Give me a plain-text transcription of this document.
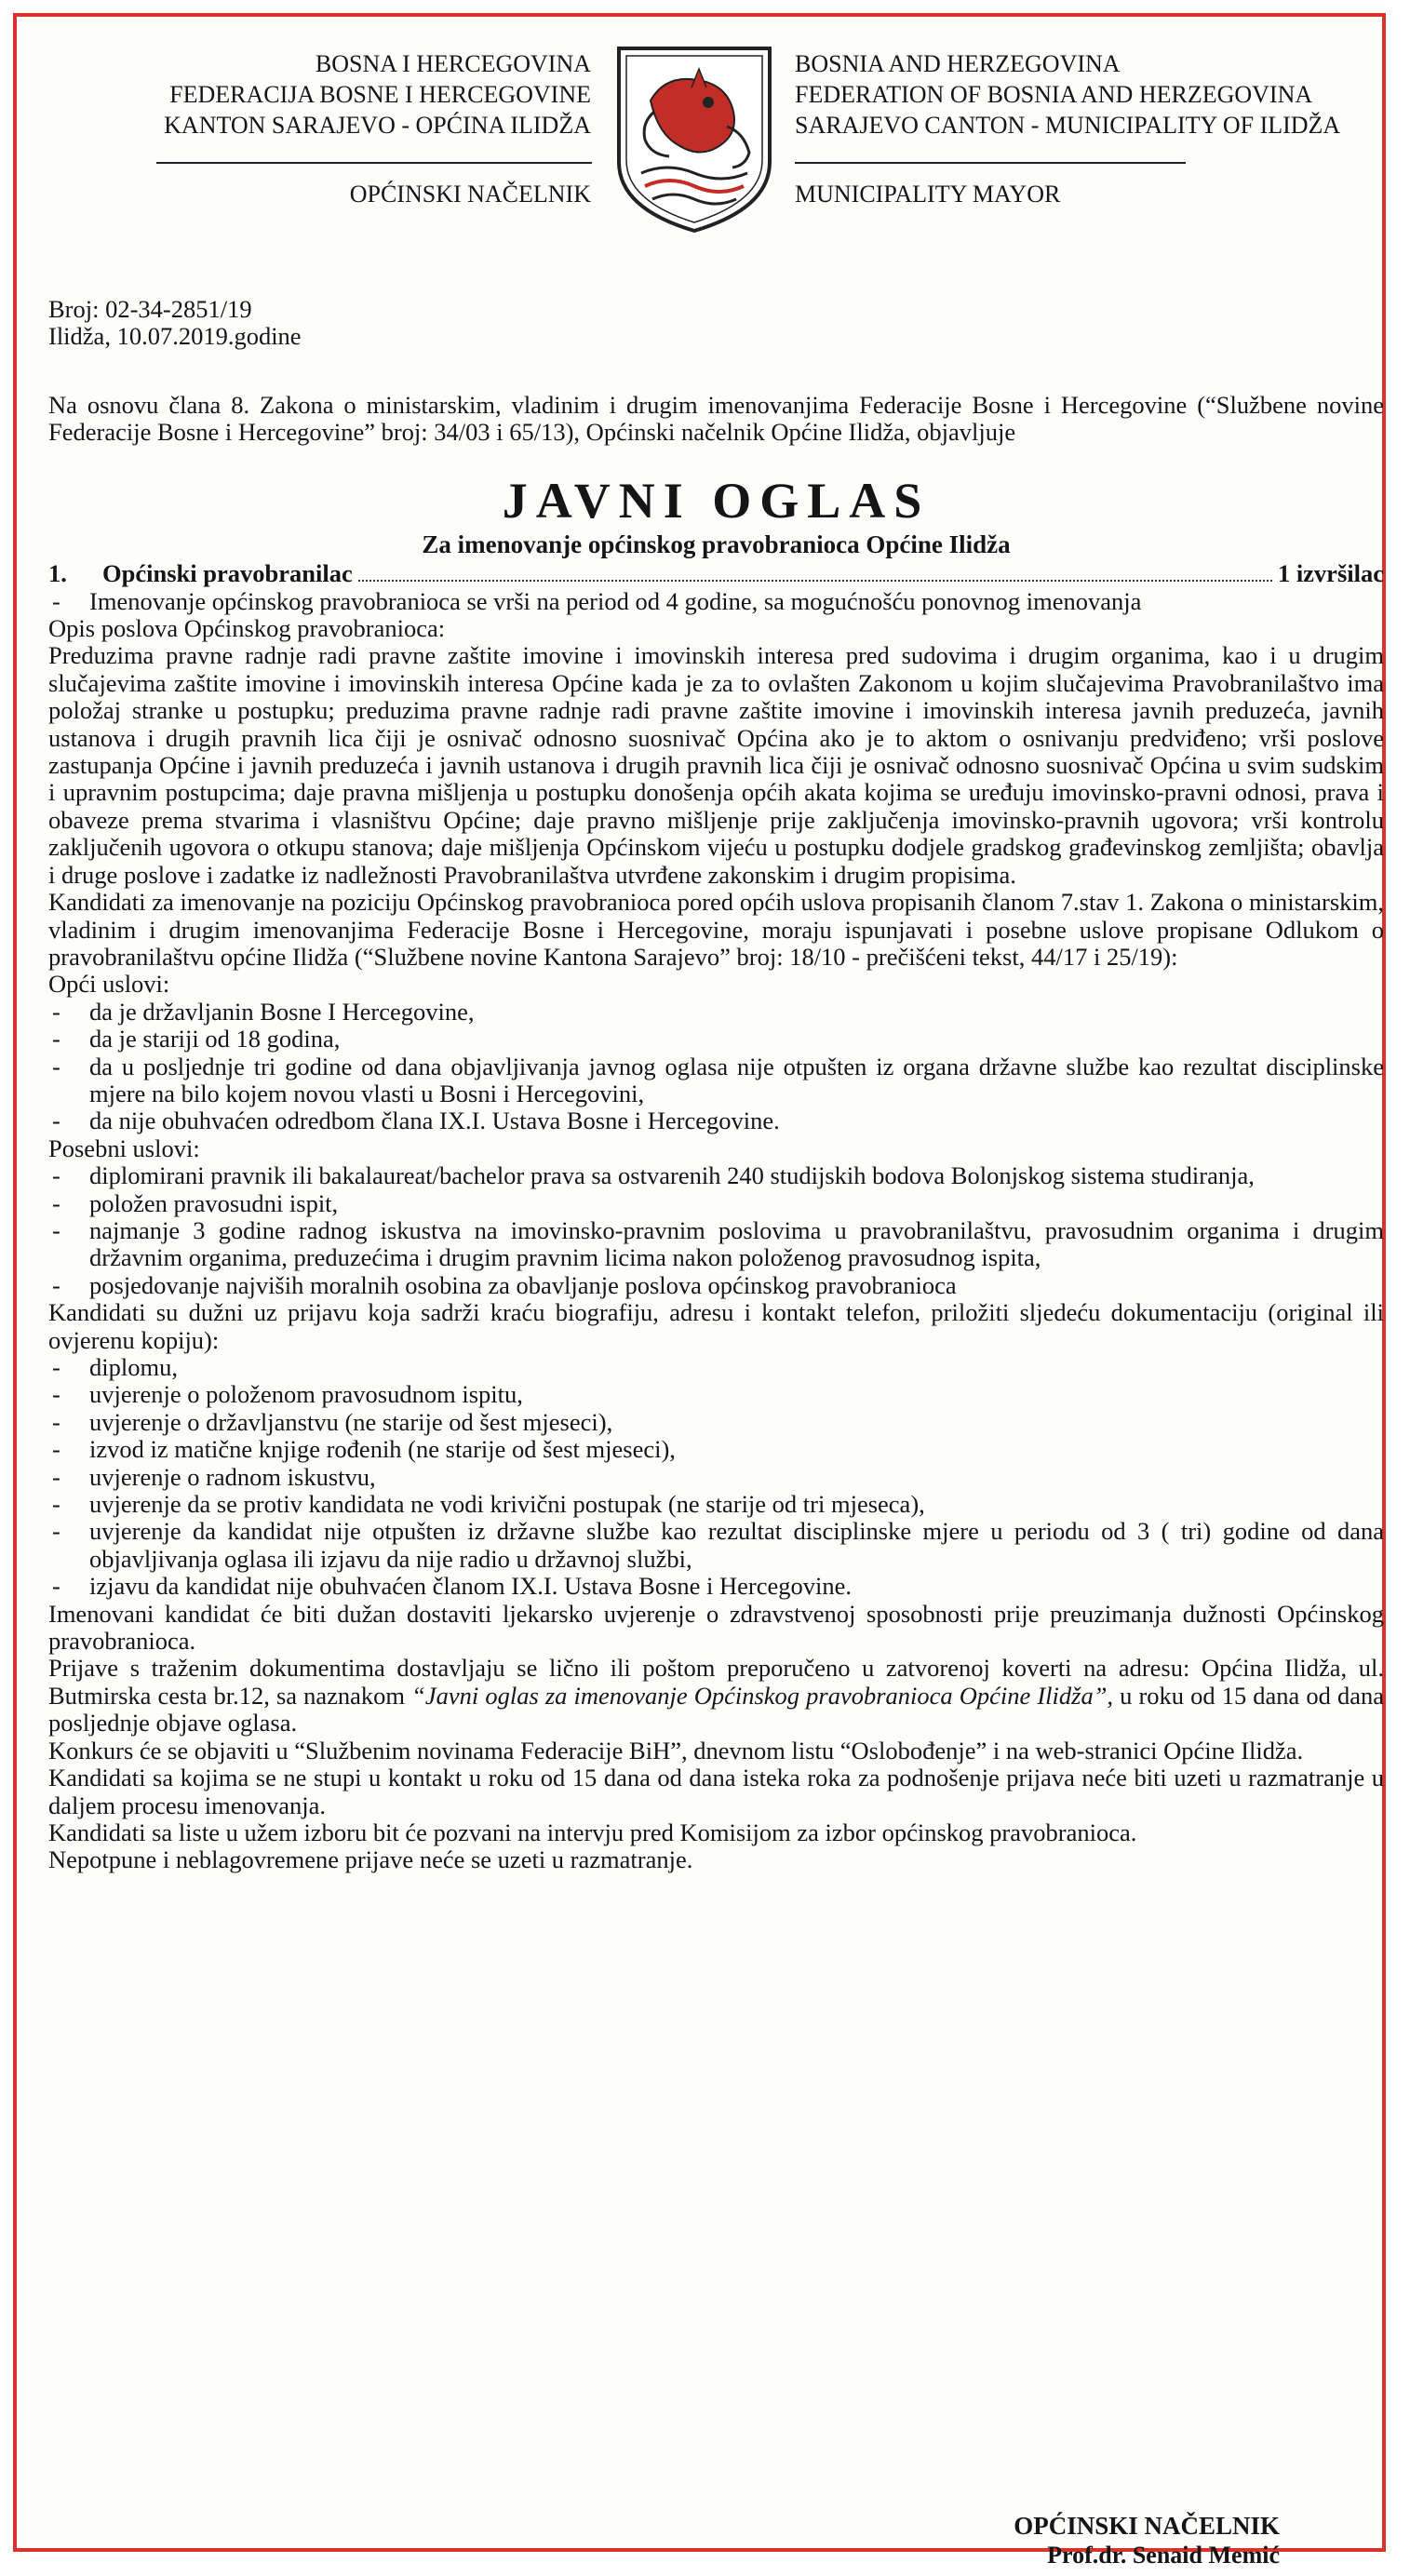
BOSNA I HERCEGOVINA
FEDERACIJA BOSNE I HERCEGOVINE
KANTON SARAJEVO - OPĆINA ILIDŽA
BOSNIA AND HERZEGOVINA
FEDERATION OF BOSNIA AND HERZEGOVINA
SARAJEVO CANTON - MUNICIPALITY OF ILIDŽA
OPĆINSKI NAČELNIK	MUNICIPALITY MAYOR

Broj: 02-34-2851/19

Ilidža, 10.07.2019.godine

Na osnovu člana 8. Zakona o ministarskim, vladinim i drugim imenovanjima Federacije Bosne i Hercegovine (“Službene novine Federacije Bosne i Hercegovine” broj: 34/03 i 65/13), Općinski načelnik Općine Ilidža, objavljuje

JAVNI OGLAS

Za imenovanje općinskog pravobranioca Općine Ilidža

1.	Općinski pravobranilac	1 izvršilac
- Imenovanje općinskog pravobranioca se vrši na period od 4 godine, sa mogućnošću ponovnog imenovanja

Opis poslova Općinskog pravobranioca:

Preduzima pravne radnje radi pravne zaštite imovine i imovinskih interesa pred sudovima i drugim organima, kao i u drugim slučajevima zaštite imovine i imovinskih interesa Općine kada je za to ovlašten Zakonom u kojim slučajevima Pravobranilaštvo ima položaj stranke u postupku; preduzima pravne radnje radi pravne zaštite imovine i imovinskih interesa javnih preduzeća, javnih ustanova i drugih pravnih lica čiji je osnivač odnosno suosnivač Općina ako je to aktom o osnivanju predviđeno; vrši poslove zastupanja Općine i javnih preduzeća i javnih ustanova i drugih pravnih lica čiji je osnivač odnosno suosnivač Općina u svim sudskim i upravnim postupcima; daje pravna mišljenja u postupku donošenja općih akata kojima se uređuju imovinsko-pravni odnosi, prava i obaveze prema stvarima i vlasništvu Općine; daje pravno mišljenje prije zaključenja imovinsko-pravnih ugovora; vrši kontrolu zaključenih ugovora o otkupu stanova; daje mišljenja Općinskom vijeću u postupku dodjele gradskog građevinskog zemljišta; obavlja i druge poslove i zadatke iz nadležnosti Pravobranilaštva utvrđene zakonskim i drugim propisima.

Kandidati za imenovanje na poziciju Općinskog pravobranioca pored općih uslova propisanih članom 7.stav 1. Zakona o ministarskim, vladinim i drugim imenovanjima Federacije Bosne i Hercegovine, moraju ispunjavati i posebne uslove propisane Odlukom o pravobranilaštvu općine Ilidža (“Službene novine Kantona Sarajevo” broj: 18/10 - prečišćeni tekst, 44/17 i 25/19):

Opći uslovi:

- da je državljanin Bosne I Hercegovine,
- da je stariji od 18 godina,
- da u posljednje tri godine od dana objavljivanja javnog oglasa nije otpušten iz organa državne službe kao rezultat disciplinske mjere na bilo kojem novou vlasti u Bosni i Hercegovini,
- da nije obuhvaćen odredbom člana IX.I. Ustava Bosne i Hercegovine.

Posebni uslovi:

- diplomirani pravnik ili bakalaureat/bachelor prava sa ostvarenih 240 studijskih bodova Bolonjskog sistema studiranja,
- položen pravosudni ispit,
- najmanje 3 godine radnog iskustva na imovinsko-pravnim poslovima u pravobranilaštvu, pravosudnim organima i drugim državnim organima, preduzećima i drugim pravnim licima nakon položenog pravosudnog ispita,
- posjedovanje najviših moralnih osobina za obavljanje poslova općinskog pravobranioca

Kandidati su dužni uz prijavu koja sadrži kraću biografiju, adresu i kontakt telefon, priložiti sljedeću dokumentaciju (original ili ovjerenu kopiju):

- diplomu,
- uvjerenje o položenom pravosudnom ispitu,
- uvjerenje o državljanstvu (ne starije od šest mjeseci),
- izvod iz matične knjige rođenih (ne starije od šest mjeseci),
- uvjerenje o radnom iskustvu,
- uvjerenje da se protiv kandidata ne vodi krivični postupak (ne starije od tri mjeseca),
- uvjerenje da kandidat nije otpušten iz državne službe kao rezultat disciplinske mjere u periodu od 3 ( tri) godine od dana objavljivanja oglasa ili izjavu da nije radio u državnoj službi,
- izjavu da kandidat nije obuhvaćen članom IX.I. Ustava Bosne i Hercegovine.

Imenovani kandidat će biti dužan dostaviti ljekarsko uvjerenje o zdravstvenoj sposobnosti prije preuzimanja dužnosti Općinskog pravobranioca.

Prijave s traženim dokumentima dostavljaju se lično ili poštom preporučeno u zatvorenoj koverti na adresu: Općina Ilidža, ul. Butmirska cesta br.12, sa naznakom “Javni oglas za imenovanje Općinskog pravobranioca Općine Ilidža”, u roku od 15 dana od dana posljednje objave oglasa.

Konkurs će se objaviti u “Službenim novinama Federacije BiH”, dnevnom listu “Oslobođenje” i na web-stranici Općine Ilidža.

Kandidati sa kojima se ne stupi u kontakt u roku od 15 dana od dana isteka roka za podnošenje prijava neće biti uzeti u razmatranje u daljem procesu imenovanja.

Kandidati sa liste u užem izboru bit će pozvani na intervju pred Komisijom za izbor općinskog pravobranioca.

Nepotpune i neblagovremene prijave neće se uzeti u razmatranje.

OPĆINSKI NAČELNIK
Prof.dr. Senaid Memić
